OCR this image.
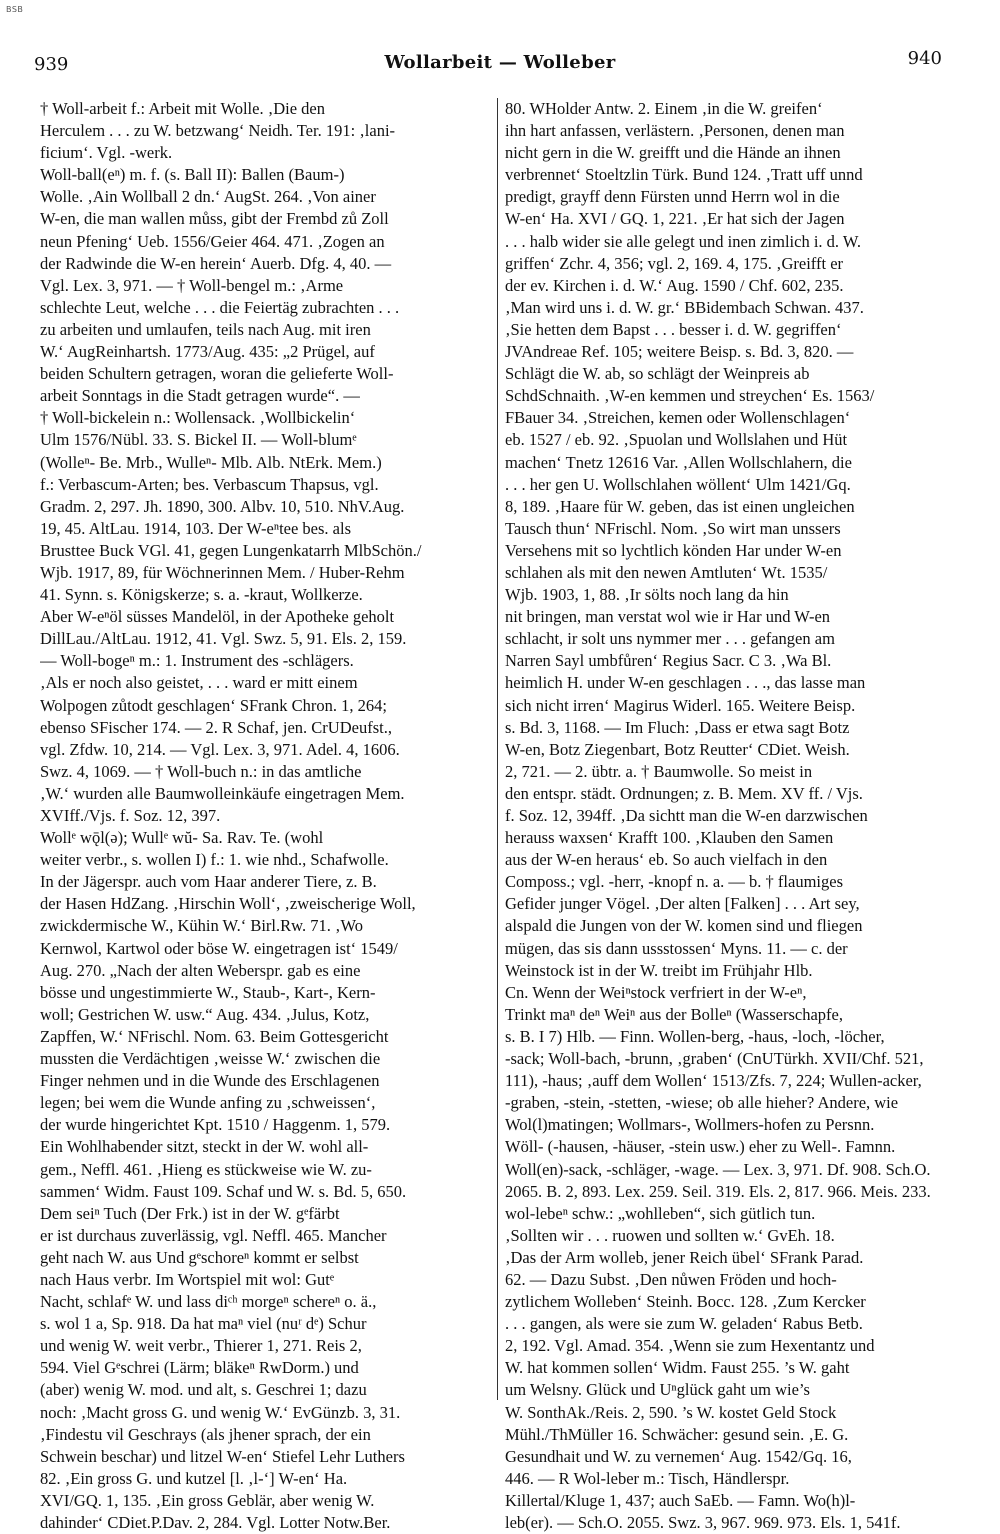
BSB
939	Wollarbeit — Wolleber	940
† Woll-arbeit f.: Arbeit mit Wolle. ‚Die den
Herculem . . . zu W. betzwang‘ Neidh. Ter. 191: ‚lani-
ficium‘. Vgl. -werk.
Woll-ball(eⁿ) m. f. (s. Ball II): Ballen (Baum-)
Wolle. ‚Ain Wollball 2 dn.‘ AugSt. 264. ‚Von ainer
W-en, die man wallen můss, gibt der Frembd zů Zoll
neun Pfening‘ Ueb. 1556/Geier 464. 471. ‚Zogen an
der Radwinde die W-en herein‘ Auerb. Dfg. 4, 40. —
Vgl. Lex. 3, 971. — † Woll-bengel m.: ‚Arme
schlechte Leut, welche . . . die Feiertäg zubrachten . . .
zu arbeiten und umlaufen, teils nach Aug. mit iren
W.‘ AugReinhartsh. 1773/Aug. 435: „2 Prügel, auf
beiden Schultern getragen, woran die gelieferte Woll-
arbeit Sonntags in die Stadt getragen wurde“. —
† Woll-bickelein n.: Wollensack. ‚Wollbickelin‘
Ulm 1576/Nübl. 33. S. Bickel II. — Woll-blumᵉ
(Wolleⁿ- Be. Mrb., Wulleⁿ- Mlb. Alb. NtErk. Mem.)
f.: Verbascum-Arten; bes. Verbascum Thapsus, vgl.
Gradm. 2, 297. Jh. 1890, 300. Albv. 10, 510. NhV.Aug.
19, 45. AltLau. 1914, 103. Der W-eⁿtee bes. als
Brusttee Buck VGl. 41, gegen Lungenkatarrh MlbSchön./
Wjb. 1917, 89, für Wöchnerinnen Mem. / Huber-Rehm
41. Synn. s. Königskerze; s. a. -kraut, Wollkerze.
Aber W-eⁿöl süsses Mandelöl, in der Apotheke geholt
DillLau./AltLau. 1912, 41. Vgl. Swz. 5, 91. Els. 2, 159.
— Woll-bogeⁿ m.: 1. Instrument des -schlägers.
‚Als er noch also geistet, . . . ward er mitt einem
Wolpogen zůtodt geschlagen‘ SFrank Chron. 1, 264;
ebenso SFischer 174. — 2. R Schaf, jen. CrUDeufst.,
vgl. Zfdw. 10, 214. — Vgl. Lex. 3, 971. Adel. 4, 1606.
Swz. 4, 1069. — † Woll-buch n.: in das amtliche
‚W.‘ wurden alle Baumwolleinkäufe eingetragen Mem.
XVIff./Vjs. f. Soz. 12, 397.
Wollᵉ wǭl(ə); Wullᵉ wŭ- Sa. Rav. Te. (wohl
weiter verbr., s. wollen I) f.: 1. wie nhd., Schafwolle.
In der Jägerspr. auch vom Haar anderer Tiere, z. B.
der Hasen HdZang. ‚Hirschin Woll‘, ‚zweischerige Woll,
zwickdermische W., Kühin W.‘ Birl.Rw. 71. ‚Wo
Kernwol, Kartwol oder böse W. eingetragen ist‘ 1549/
Aug. 270. „Nach der alten Weberspr. gab es eine
bösse und ungestimmierte W., Staub-, Kart-, Kern-
woll; Gestrichen W. usw.“ Aug. 434. ‚Julus, Kotz,
Zapffen, W.‘ NFrischl. Nom. 63. Beim Gottesgericht
mussten die Verdächtigen ‚weisse W.‘ zwischen die
Finger nehmen und in die Wunde des Erschlagenen
legen; bei wem die Wunde anfing zu ‚schweissen‘,
der wurde hingerichtet Kpt. 1510 / Haggenm. 1, 579.
Ein Wohlhabender sitzt, steckt in der W. wohl all-
gem., Neffl. 461. ‚Hieng es stückweise wie W. zu-
sammen‘ Widm. Faust 109. Schaf und W. s. Bd. 5, 650.
Dem seiⁿ Tuch (Der Frk.) ist in der W. gᵉfärbt
er ist durchaus zuverlässig, vgl. Neffl. 465. Mancher
geht nach W. aus Und gᵉschoreⁿ kommt er selbst
nach Haus verbr. Im Wortspiel mit wol: Gutᵉ
Nacht, schlafᵉ W. und lass diᶜʰ morgeⁿ schereⁿ o. ä.,
s. wol 1 a, Sp. 918. Da hat maⁿ viel (nuʳ dᵉ) Schur
und wenig W. weit verbr., Thierer 1, 271. Reis 2,
594. Viel Gᵉschrei (Lärm; bläkeⁿ RwDorm.) und
(aber) wenig W. mod. und alt, s. Geschrei 1; dazu
noch: ‚Macht gross G. und wenig W.‘ EvGünzb. 3, 31.
‚Findestu vil Geschrays (als jhener sprach, der ein
Schwein beschar) und litzel W-en‘ Stiefel Lehr Luthers
82. ‚Ein gross G. und kutzel [l. ‚l-‘] W-en‘ Ha.
XVI/GQ. 1, 135. ‚Ein gross Geblär, aber wenig W.
dahinder‘ CDiet.P.Dav. 2, 284. Vgl. Lotter Notw.Ber.
80. WHolder Antw. 2. Einem ‚in die W. greifen‘
ihn hart anfassen, verlästern. ‚Personen, denen man
nicht gern in die W. greifft und die Hände an ihnen
verbrennet‘ Stoeltzlin Türk. Bund 124. ‚Tratt uff unnd
predigt, grayff denn Fürsten unnd Herrn wol in die
W-en‘ Ha. XVI / GQ. 1, 221. ‚Er hat sich der Jagen
. . . halb wider sie alle gelegt und inen zimlich i. d. W.
griffen‘ Zchr. 4, 356; vgl. 2, 169. 4, 175. ‚Greifft er
der ev. Kirchen i. d. W.‘ Aug. 1590 / Chf. 602, 235.
‚Man wird uns i. d. W. gr.‘ BBidembach Schwan. 437.
‚Sie hetten dem Bapst . . . besser i. d. W. gegriffen‘
JVAndreae Ref. 105; weitere Beisp. s. Bd. 3, 820. —
Schlägt die W. ab, so schlägt der Weinpreis ab
SchdSchnaith. ‚W-en kemmen und streychen‘ Es. 1563/
FBauer 34. ‚Streichen, kemen oder Wollenschlagen‘
eb. 1527 / eb. 92. ‚Spuolan und Wollslahen und Hüt
machen‘ Tnetz 12616 Var. ‚Allen Wollschlahern, die
. . . her gen U. Wollschlahen wöllent‘ Ulm 1421/Gq.
8, 189. ‚Haare für W. geben, das ist einen ungleichen
Tausch thun‘ NFrischl. Nom. ‚So wirt man unssers
Versehens mit so lychtlich könden Har under W-en
schlahen als mit den newen Amtluten‘ Wt. 1535/
Wjb. 1903, 1, 88. ‚Ir sölts noch lang da hin
nit bringen, man verstat wol wie ir Har und W-en
schlacht, ir solt uns nymmer mer . . . gefangen am
Narren Sayl umbfůren‘ Regius Sacr. C 3. ‚Wa Bl.
heimlich H. under W-en geschlagen . . ., das lasse man
sich nicht irren‘ Magirus Widerl. 165. Weitere Beisp.
s. Bd. 3, 1168. — Im Fluch: ‚Dass er etwa sagt Botz
W-en, Botz Ziegenbart, Botz Reutter‘ CDiet. Weish.
2, 721. — 2. übtr. a. † Baumwolle. So meist in
den entspr. städt. Ordnungen; z. B. Mem. XV ff. / Vjs.
f. Soz. 12, 394ff. ‚Da sichtt man die W-en darzwischen
herauss waxsen‘ Krafft 100. ‚Klauben den Samen
aus der W-en heraus‘ eb. So auch vielfach in den
Composs.; vgl. -herr, -knopf n. a. — b. † flaumiges
Gefider junger Vögel. ‚Der alten [Falken] . . . Art sey,
alspald die Jungen von der W. komen sind und fliegen
mügen, das sis dann ussstossen‘ Myns. 11. — c. der
Weinstock ist in der W. treibt im Frühjahr Hlb.
Cn. Wenn der Weiⁿstock verfriert in der W-eⁿ,
Trinkt maⁿ deⁿ Weiⁿ aus der Bolleⁿ (Wasserschapfe,
s. B. I 7) Hlb. — Finn. Wollen-berg, -haus, -loch, -löcher,
-sack; Woll-bach, -brunn, ‚graben‘ (CnUTürkh. XVII/Chf. 521,
111), -haus; ‚auff dem Wollen‘ 1513/Zfs. 7, 224; Wullen-acker,
-graben, -stein, -stetten, -wiese; ob alle hieher? Andere, wie
Wol(l)matingen; Wollmars-, Wollmers-hofen zu Persnn.
Wöll- (-hausen, -häuser, -stein usw.) eher zu Well-. Famnn.
Woll(en)-sack, -schläger, -wage. — Lex. 3, 971. Df. 908. Sch.O.
2065. B. 2, 893. Lex. 259. Seil. 319. Els. 2, 817. 966. Meis. 233.
wol-lebeⁿ schw.: „wohlleben“, sich gütlich tun.
‚Sollten wir . . . ruowen und sollten w.‘ GvEh. 18.
‚Das der Arm wolleb, jener Reich übel‘ SFrank Parad.
62. — Dazu Subst. ‚Den nůwen Fröden und hoch-
zytlichem Wolleben‘ Steinh. Bocc. 128. ‚Zum Kercker
. . . gangen, als were sie zum W. geladen‘ Rabus Betb.
2, 192. Vgl. Amad. 354. ‚Wenn sie zum Hexentantz und
W. hat kommen sollen‘ Widm. Faust 255. ’s W. gaht
um Welsny. Glück und Uⁿglück gaht um wie’s
W. SonthAk./Reis. 2, 590. ’s W. kostet Geld Stock
Mühl./ThMüller 16. Schwächer: gesund sein. ‚E. G.
Gesundhait und W. zu vernemen‘ Aug. 1542/Gq. 16,
446. — R Wol-leber m.: Tisch, Händlerspr.
Killertal/Kluge 1, 437; auch SaEb. — Famn. Wo(h)l-
leb(er). — Sch.O. 2055. Swz. 3, 967. 969. 973. Els. 1, 541f.
